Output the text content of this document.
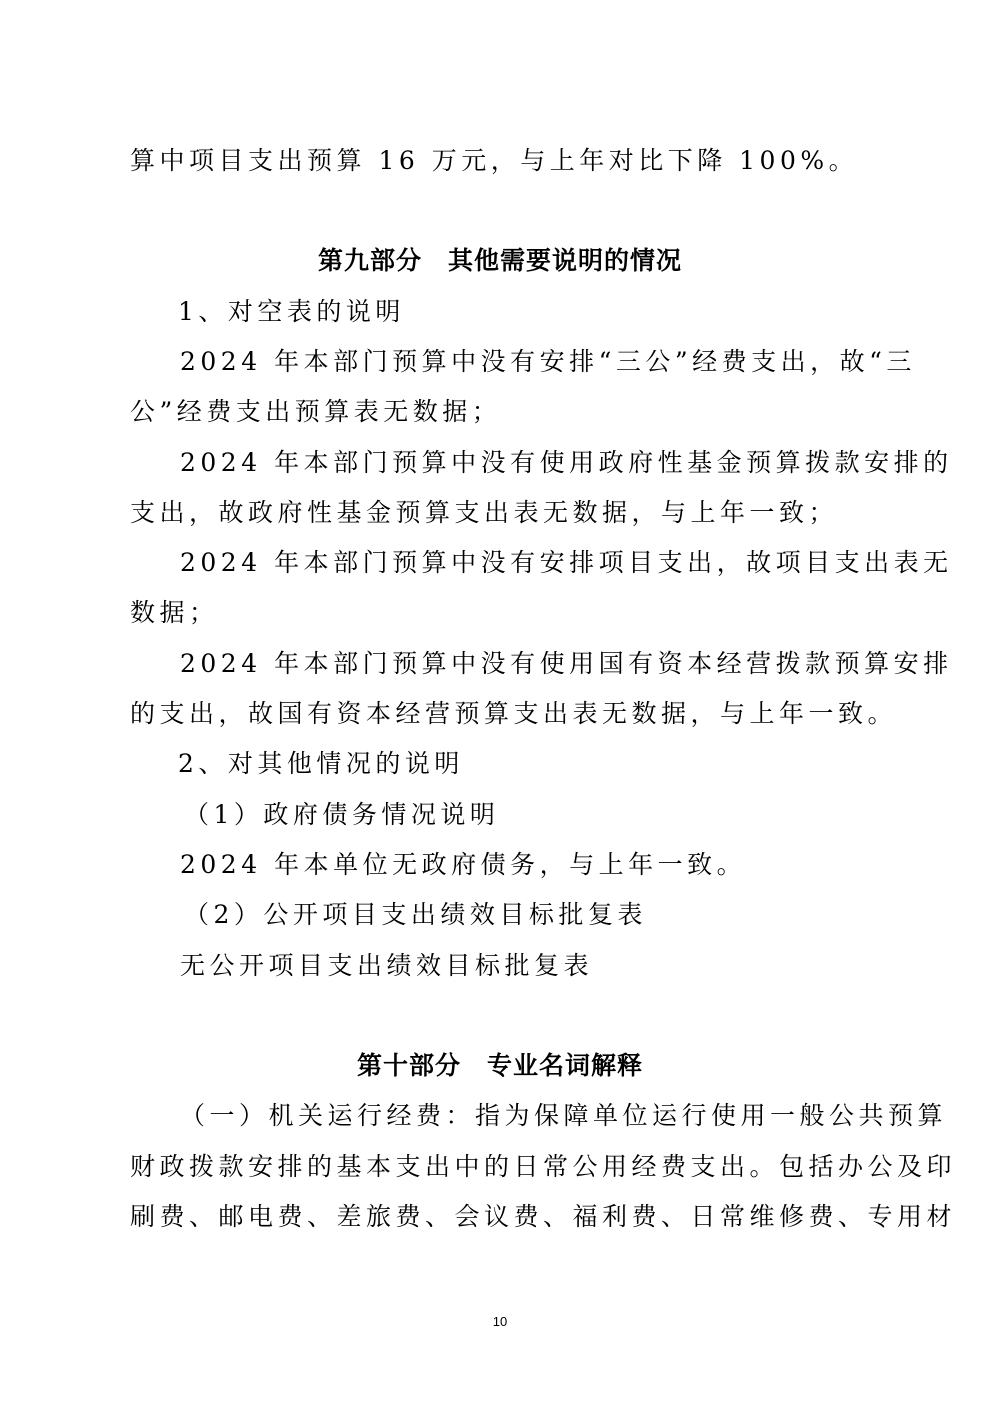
算中项目支出预算 16 万元，与上年对比下降 100%。
第九部分　其他需要说明的情况
1、对空表的说明
2024 年本部门预算中没有安排“三公”经费支出，故“三
公”经费支出预算表无数据；
2024 年本部门预算中没有使用政府性基金预算拨款安排的
支出，故政府性基金预算支出表无数据，与上年一致；
2024 年本部门预算中没有安排项目支出，故项目支出表无
数据；
2024 年本部门预算中没有使用国有资本经营拨款预算安排
的支出，故国有资本经营预算支出表无数据，与上年一致。
2、对其他情况的说明
（1）政府债务情况说明
2024 年本单位无政府债务，与上年一致。
（2）公开项目支出绩效目标批复表
无公开项目支出绩效目标批复表
第十部分　专业名词解释
（一）机关运行经费：指为保障单位运行使用一般公共预算
财政拨款安排的基本支出中的日常公用经费支出。包括办公及印
刷费、邮电费、差旅费、会议费、福利费、日常维修费、专用材
10
